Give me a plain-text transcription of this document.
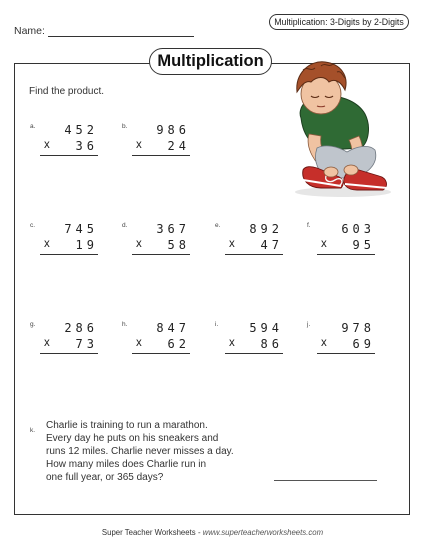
Name:
Multiplication: 3-Digits by 2-Digits
Multiplication
Find the product.
a. 452
x 36
b. 986
x 24
c. 745
x 19
d. 367
x 58
e. 892
x 47
f.	603
x 95
g. 286
x 73
h. 847
x 62
i.	594
x 86
j.	978
x 69
k. Charlie is training to run a marathon.
Every day he puts on his sneakers and
runs 12 miles. Charlie never misses a day.
How many miles does Charlie run in
one full year, or 365 days?
Super Teacher Worksheets - www.superteacherworksheets.com
